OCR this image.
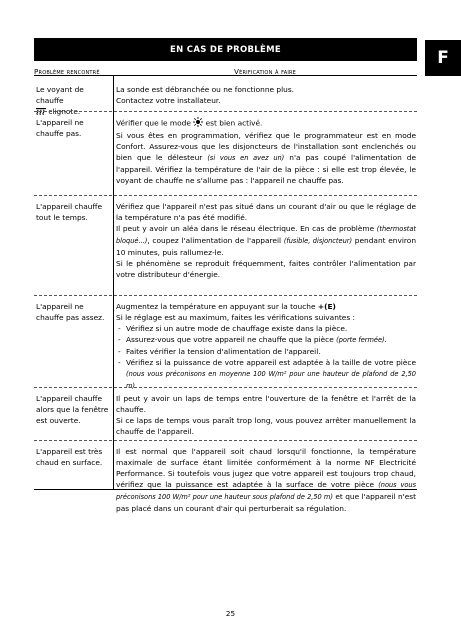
EN CAS DE PROBLÈME	F
Problème rencontré	Vérification à faire
Le voyant de chauffe
clignote.

La sonde est débranchée ou ne fonctionne plus.

Contactez votre installateur.

L'appareil ne chauffe pas.

Vérifier que le mode est bien activé.

Si vous êtes en programmation, vérifiez que le programmateur est en mode Confort. Assurez-vous que les disjoncteurs de l'installation sont enclenchés ou bien que le délesteur (si vous en avez un) n'a pas coupé l'alimentation de l'appareil. Vérifiez la température de l'air de la pièce : si elle est trop élevée, le voyant de chauffe ne s'allume pas : l'appareil ne chauffe pas.

L'appareil chauffe tout le temps.

Vérifiez que l'appareil n'est pas situé dans un courant d'air ou que le réglage de la température n'a pas été modifié.

Il peut y avoir un aléa dans le réseau électrique. En cas de problème (thermostat bloqué...), coupez l'alimentation de l'appareil (fusible, disjoncteur) pendant environ 10 minutes, puis rallumez-le.

Si le phénomène se reproduit fréquemment, faites contrôler l'alimentation par votre distributeur d'énergie.

L'appareil ne chauffe pas assez.

Augmentez la température en appuyant sur la touche +(E)

Si le réglage est au maximum, faites les vérifications suivantes :

- Vérifiez si un autre mode de chauffage existe dans la pièce.
- Assurez-vous que votre appareil ne chauffe que la pièce (porte fermée).
- Faites vérifier la tension d'alimentation de l'appareil.
- Vérifiez si la puissance de votre appareil est adaptée à la taille de votre pièce (nous vous préconisons en moyenne 100 W/m² pour une hauteur de plafond de 2,50 m).
L'appareil chauffe alors que la fenêtre est ouverte.

Il peut y avoir un laps de temps entre l'ouverture de la fenêtre et l'arrêt de la chauffe.

Si ce laps de temps vous paraît trop long, vous pouvez arrêter manuellement la chauffe de l'appareil.

L'appareil est très chaud en surface.

Il est normal que l'appareil soit chaud lorsqu'il fonctionne, la température maximale de surface étant limitée conformément à la norme NF Electricité Performance. Si toutefois vous jugez que votre appareil est toujours trop chaud, vérifiez que la puissance est adaptée à la surface de votre pièce (nous vous préconisons 100 W/m² pour une hauteur sous plafond de 2,50 m) et que l'appareil n'est pas placé dans un courant d'air qui perturberait sa régulation.

25
